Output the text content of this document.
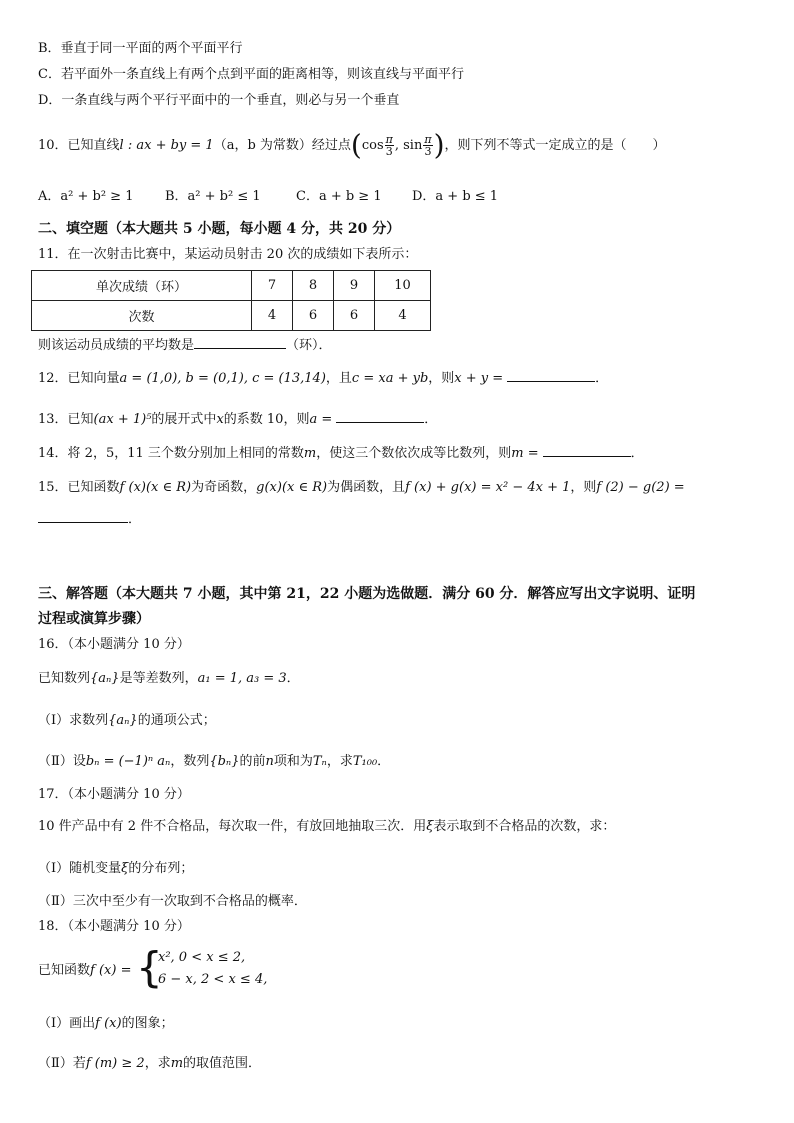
B．垂直于同一平面的两个平面平行
C．若平面外一条直线上有两个点到平面的距离相等，则该直线与平面平行
D．一条直线与两个平行平面中的一个垂直，则必与另一个垂直
10．已知直线l : ax + by = 1（a，b 为常数）经过点($\cos \frac{\pi}{3}$ , $\sin \frac{\pi}{3}$ )，则下列不等式一定成立的是（　　）
A．a² + b² ≥ 1 B．a² + b² ≤ 1	C．a + b ≥ 1 D．a + b ≤ 1
二、填空题（本大题共 5 小题，每小题 4 分，共 20 分）
11．在一次射击比赛中，某运动员射击 20 次的成绩如下表所示：
单次成绩（环）	7	8	9	10
次数	4	6	6	4
则该运动员成绩的平均数是	（环）．
12．已知向量a = (1,0), b = (0,1), c = (13,14)，且c = xa + yb，则x + y =	．
13．已知(ax + 1)⁵的展开式中x的系数 10，则a =	．
14．将 2，5，11 三个数分别加上相同的常数m，使这三个数依次成等比数列，则m =	．
15．已知函数f (x)(x ∈ R)为奇函数，g(x)(x ∈ R)为偶函数，且f (x) + g(x) = x² − 4x + 1，则f (2) − g(2) =
．
三、解答题（本大题共 7 小题，其中第 21，22 小题为选做题．满分 60 分．解答应写出文字说明、证明
过程或演算步骤）
16．（本小题满分 10 分）
已知数列{aₙ}是等差数列，a₁ = 1, a₃ = 3．
（Ⅰ）求数列{aₙ}的通项公式；
（Ⅱ）设bₙ = (−1)ⁿ aₙ，数列{bₙ}的前n项和为Tₙ，求T₁₀₀．
17．（本小题满分 10 分）
10 件产品中有 2 件不合格品，每次取一件，有放回地抽取三次．用ξ表示取到不合格品的次数，求：
（Ⅰ）随机变量ξ的分布列；
（Ⅱ）三次中至少有一次取到不合格品的概率．
18．（本小题满分 10 分）
已知函数f (x) = {
x², 0 < x ≤ 2,
6 − x, 2 < x ≤ 4,
（Ⅰ）画出f (x)的图象；
（Ⅱ）若f (m) ≥ 2，求m的取值范围．
